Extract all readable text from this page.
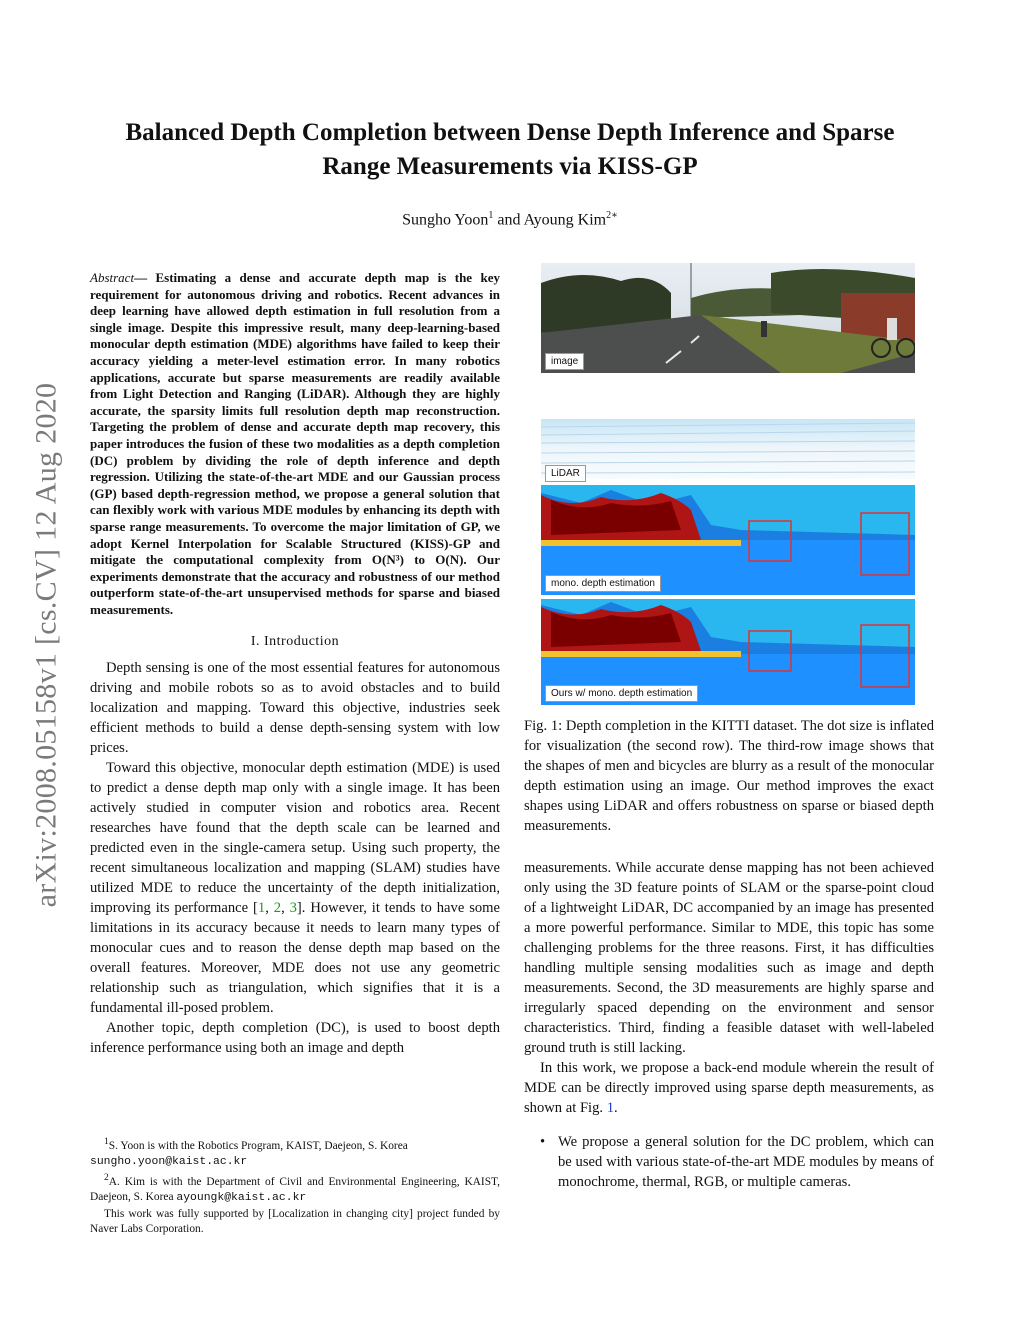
arXiv:2008.05158v1 [cs.CV] 12 Aug 2020
Balanced Depth Completion between Dense Depth Inference and Sparse Range Measurements via KISS-GP
Sungho Yoon$^1$ and Ayoung Kim$^{2∗}$
Abstract— Estimating a dense and accurate depth map is the key requirement for autonomous driving and robotics. Recent advances in deep learning have allowed depth estimation in full resolution from a single image. Despite this impressive result, many deep-learning-based monocular depth estimation (MDE) algorithms have failed to keep their accuracy yielding a meter-level estimation error. In many robotics applications, accurate but sparse measurements are readily available from Light Detection and Ranging (LiDAR). Although they are highly accurate, the sparsity limits full resolution depth map reconstruction. Targeting the problem of dense and accurate depth map recovery, this paper introduces the fusion of these two modalities as a depth completion (DC) problem by dividing the role of depth inference and depth regression. Utilizing the state-of-the-art MDE and our Gaussian process (GP) based depth-regression method, we propose a general solution that can flexibly work with various MDE modules by enhancing its depth with sparse range measurements. To overcome the major limitation of GP, we adopt Kernel Interpolation for Scalable Structured (KISS)-GP and mitigate the computational complexity from O(N³) to O(N). Our experiments demonstrate that the accuracy and robustness of our method outperform state-of-the-art unsupervised methods for sparse and biased measurements.
I. Introduction

Depth sensing is one of the most essential features for autonomous driving and mobile robots so as to avoid obstacles and to build localization and mapping. Toward this objective, industries seek efficient methods to build a dense depth-sensing system with low prices.

Toward this objective, monocular depth estimation (MDE) is used to predict a dense depth map only with a single image. It has been actively studied in computer vision and robotics area. Recent researches have found that the depth scale can be learned and predicted even in the single-camera setup. Using such property, the recent simultaneous localization and mapping (SLAM) studies have utilized MDE to reduce the uncertainty of the depth initialization, improving its performance [1, 2, 3]. However, it tends to have some limitations in its accuracy because it needs to learn many types of monocular cues and to reason the dense depth map based on the overall features. Moreover, MDE does not use any geometric relationship such as triangulation, which signifies that it is a fundamental ill-posed problem.

Another topic, depth completion (DC), is used to boost depth inference performance using both an image and depth

$^1$S. Yoon is with the Robotics Program, KAIST, Daejeon, S. Korea
sungho.yoon@kaist.ac.kr
$^2$A. Kim is with the Department of Civil and Environmental Engineering, KAIST, Daejeon, S. Korea ayoungk@kaist.ac.kr
This work was fully supported by [Localization in changing city] project funded by Naver Labs Corporation.
image
LiDAR
mono. depth estimation
Ours w/ mono. depth estimation
Fig. 1: Depth completion in the KITTI dataset. The dot size is inflated for visualization (the second row). The third-row image shows that the shapes of men and bicycles are blurry as a result of the monocular depth estimation using an image. Our method improves the exact shapes using LiDAR and offers robustness on sparse or biased depth measurements.

measurements. While accurate dense mapping has not been achieved only using the 3D feature points of SLAM or the sparse-point cloud of a lightweight LiDAR, DC accompanied by an image has presented a more powerful performance. Similar to MDE, this topic has some challenging problems for the three reasons. First, it has difficulties handling multiple sensing modalities such as image and depth measurements. Second, the 3D measurements are highly sparse and irregularly spaced depending on the environment and sensor characteristics. Third, finding a feasible dataset with well-labeled ground truth is still lacking.

In this work, we propose a back-end module wherein the result of MDE can be directly improved using sparse depth measurements, as shown at Fig. 1.

• We propose a general solution for the DC problem, which can be used with various state-of-the-art MDE modules by means of monochrome, thermal, RGB, or multiple cameras.
